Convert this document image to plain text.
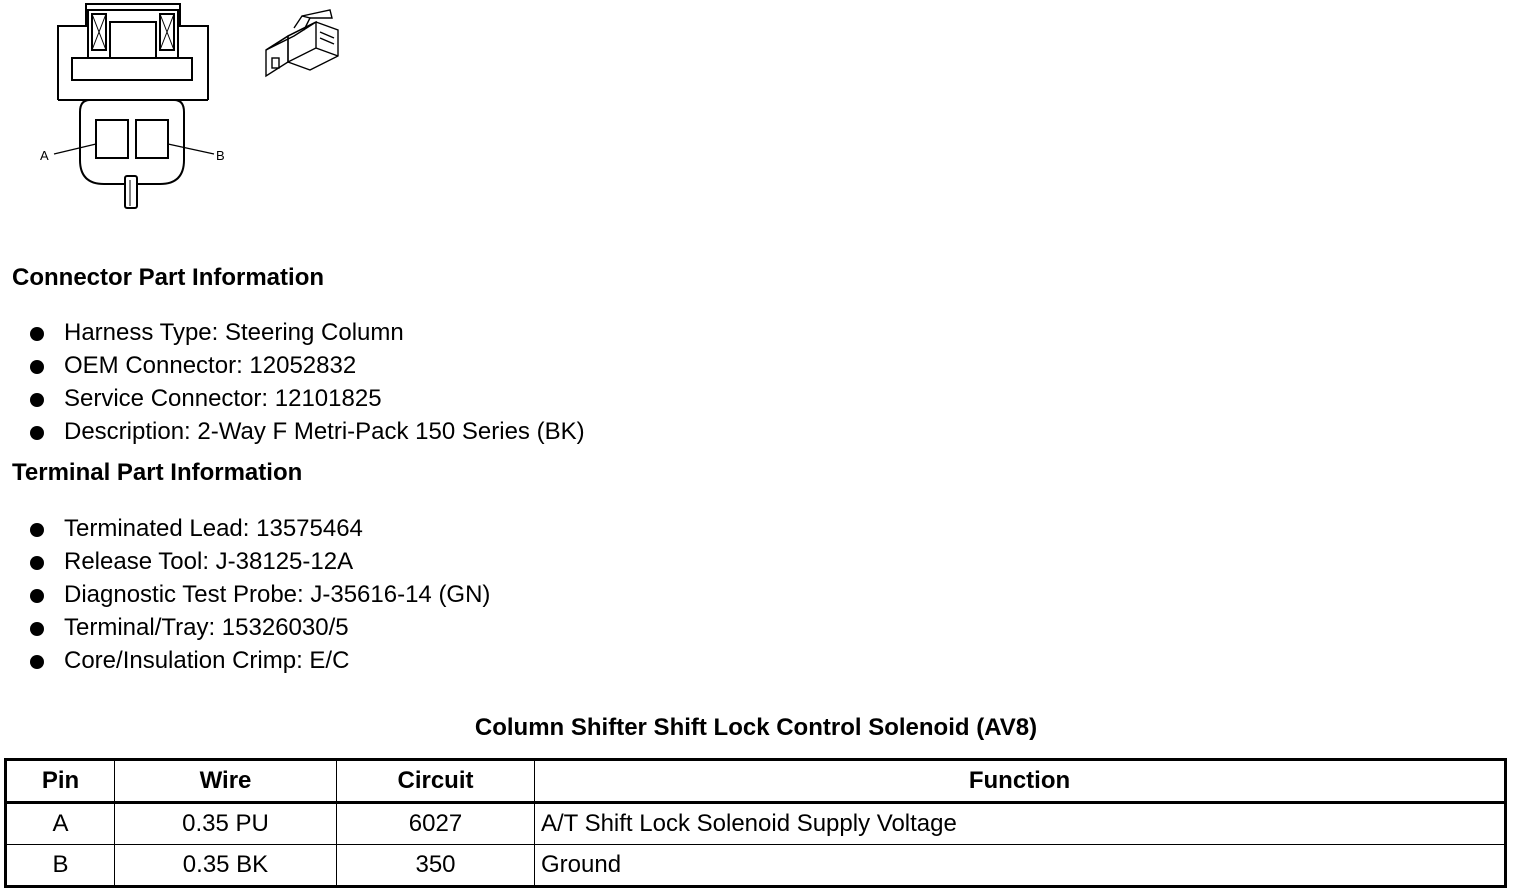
A	B
Connector Part Information
Harness Type: Steering Column
OEM Connector: 12052832
Service Connector: 12101825
Description: 2-Way F Metri-Pack 150 Series (BK)
Terminal Part Information
Terminated Lead: 13575464
Release Tool: J-38125-12A
Diagnostic Test Probe: J-35616-14 (GN)
Terminal/Tray: 15326030/5
Core/Insulation Crimp: E/C
Column Shifter Shift Lock Control Solenoid (AV8)
Pin	Wire	Circuit	Function
A	0.35 PU	6027	A/T Shift Lock Solenoid Supply Voltage
B	0.35 BK	350	Ground
